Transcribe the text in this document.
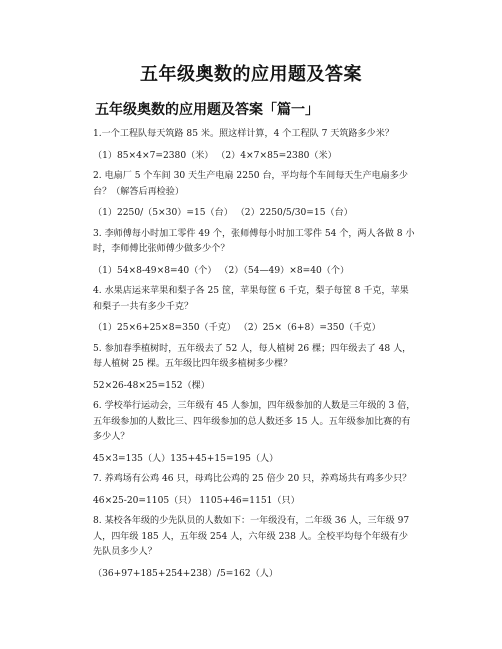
五年级奥数的应用题及答案
五年级奥数的应用题及答案「篇一」

1.一个工程队每天筑路 85 米。照这样计算，4 个工程队 7 天筑路多少米？

（1）85×4×7=2380（米） （2）4×7×85=2380（米）

2. 电扇厂 5 个车间 30 天生产电扇 2250 台，平均每个车间每天生产电扇多少台？（解答后再检验）

（1）2250/（5×30）=15（台） （2）2250/5/30=15（台）

3. 李师傅每小时加工零件 49 个，张师傅每小时加工零件 54 个，两人各做 8 小时，李师傅比张师傅少做多少个？

（1）54×8-49×8=40（个） （2）（54—49）×8=40（个）

4. 水果店运来苹果和梨子各 25 筐，苹果每筐 6 千克，梨子每筐 8 千克，苹果和梨子一共有多少千克？

（1）25×6+25×8=350（千克） （2）25×（6+8）=350（千克）

5. 参加春季植树时，五年级去了 52 人，每人植树 26 棵；四年级去了 48 人，每人植树 25 棵。五年级比四年级多植树多少棵？

52×26-48×25=152（棵）

6. 学校举行运动会，三年级有 45 人参加，四年级参加的人数是三年级的 3 倍，五年级参加的人数比三、四年级参加的总人数还多 15 人。五年级参加比赛的有多少人？

45×3=135（人）135+45+15=195（人）

7. 养鸡场有公鸡 46 只，母鸡比公鸡的 25 倍少 20 只，养鸡场共有鸡多少只？

46×25-20=1105（只） 1105+46=1151（只）

8. 某校各年级的少先队员的人数如下：一年级没有，二年级 36 人，三年级 97 人，四年级 185 人，五年级 254 人，六年级 238 人。全校平均每个年级有少先队员多少人？

（36+97+185+254+238）/5=162（人）
